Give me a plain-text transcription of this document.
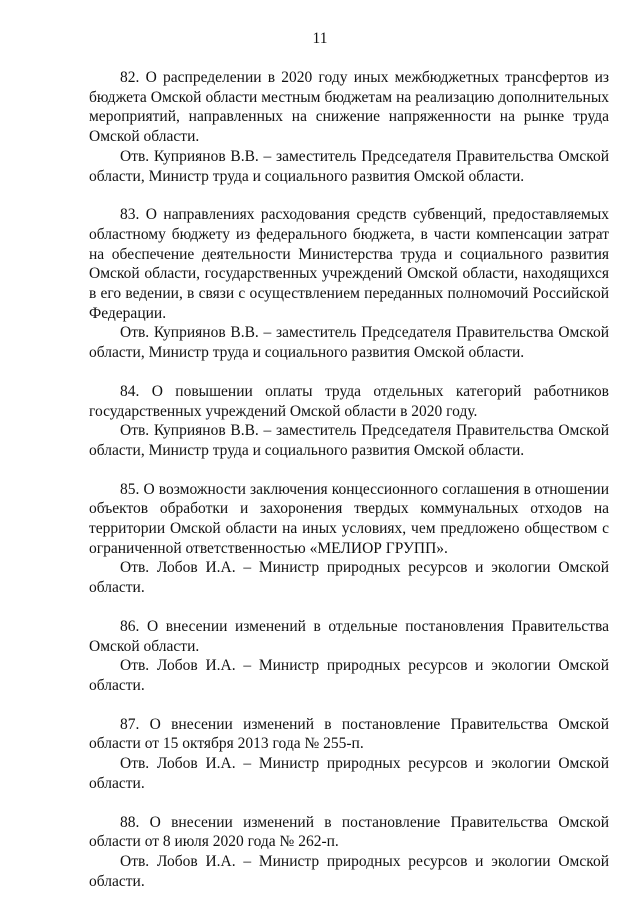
11

82. О распределении в 2020 году иных межбюджетных трансфертов из бюджета Омской области местным бюджетам на реализацию дополнительных мероприятий, направленных на снижение напряженности на рынке труда Омской области.

Отв. Куприянов В.В. – заместитель Председателя Правительства Омской области, Министр труда и социального развития Омской области.

83. О направлениях расходования средств субвенций, предоставляемых областному бюджету из федерального бюджета, в части компенсации затрат на обеспечение деятельности Министерства труда и социального развития Омской области, государственных учреждений Омской области, находящихся в его ведении, в связи с осуществлением переданных полномочий Российской Федерации.

Отв. Куприянов В.В. – заместитель Председателя Правительства Омской области, Министр труда и социального развития Омской области.

84. О повышении оплаты труда отдельных категорий работников государственных учреждений Омской области в 2020 году.

Отв. Куприянов В.В. – заместитель Председателя Правительства Омской области, Министр труда и социального развития Омской области.

85. О возможности заключения концессионного соглашения в отношении объектов обработки и захоронения твердых коммунальных отходов на территории Омской области на иных условиях, чем предложено обществом с ограниченной ответственностью «МЕЛИОР ГРУПП».

Отв. Лобов И.А. – Министр природных ресурсов и экологии Омской области.

86. О внесении изменений в отдельные постановления Правительства Омской области.

Отв. Лобов И.А. – Министр природных ресурсов и экологии Омской области.

87. О внесении изменений в постановление Правительства Омской области от 15 октября 2013 года № 255-п.

Отв. Лобов И.А. – Министр природных ресурсов и экологии Омской области.

88. О внесении изменений в постановление Правительства Омской области от 8 июля 2020 года № 262-п.

Отв. Лобов И.А. – Министр природных ресурсов и экологии Омской области.
